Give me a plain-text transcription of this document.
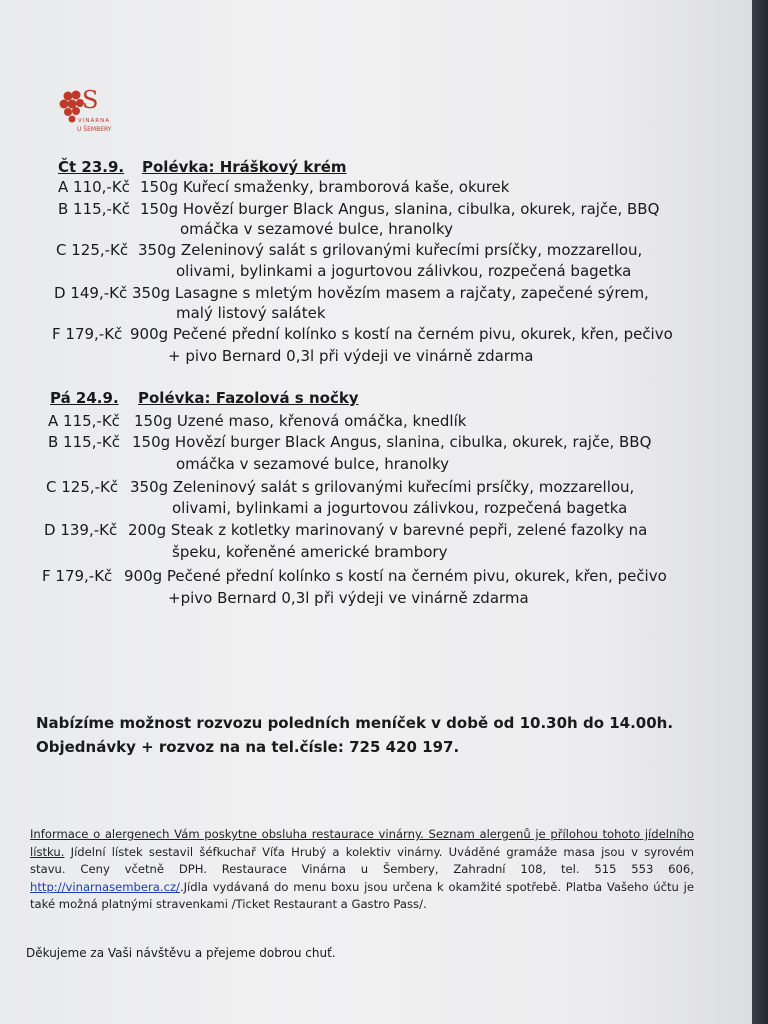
S
VINÁRNA
U ŠEMBERY
Čt 23.9. Polévka: Hráškový krém
A 110,-Kč 150g Kuřecí smaženky, bramborová kaše, okurek
B 115,-Kč 150g Hovězí burger Black Angus, slanina, cibulka, okurek, rajče, BBQ
omáčka v sezamové bulce, hranolky
C 125,-Kč 350g Zeleninový salát s grilovanými kuřecími prsíčky, mozzarellou,
olivami, bylinkami a jogurtovou zálivkou, rozpečená bagetka
D 149,-Kč 350g Lasagne s mletým hovězím masem a rajčaty, zapečené sýrem,
malý listový salátek
F 179,-Kč 900g Pečené přední kolínko s kostí na černém pivu, okurek, křen, pečivo
+ pivo Bernard 0,3l při výdeji ve vinárně zdarma
Pá 24.9. Polévka: Fazolová s nočky
A 115,-Kč 150g Uzené maso, křenová omáčka, knedlík
B 115,-Kč 150g Hovězí burger Black Angus, slanina, cibulka, okurek, rajče, BBQ
omáčka v sezamové bulce, hranolky
C 125,-Kč 350g Zeleninový salát s grilovanými kuřecími prsíčky, mozzarellou,
olivami, bylinkami a jogurtovou zálivkou, rozpečená bagetka
D 139,-Kč 200g Steak z kotletky marinovaný v barevné pepři, zelené fazolky na
špeku, kořeněné americké brambory
F 179,-Kč 900g Pečené přední kolínko s kostí na černém pivu, okurek, křen, pečivo
+pivo Bernard 0,3l při výdeji ve vinárně zdarma
Nabízíme možnost rozvozu poledních meníček v době od 10.30h do 14.00h.
Objednávky + rozvoz na na tel.čísle: 725 420 197.
Informace o alergenech Vám poskytne obsluha restaurace vinárny. Seznam alergenů je přílohou tohoto jídelního lístku. Jídelní lístek sestavil šéfkuchař Víťa Hrubý a kolektiv vinárny. Uváděné gramáže masa jsou v syrovém stavu. Ceny včetně DPH. Restaurace Vinárna u Šembery, Zahradní 108, tel. 515 553 606, http://vinarnasembera.cz/.Jídla vydávaná do menu boxu jsou určena k okamžité spotřebě. Platba Vašeho účtu je také možná platnými stravenkami /Ticket Restaurant a Gastro Pass/.
Děkujeme za Vaši návštěvu a přejeme dobrou chuť.
